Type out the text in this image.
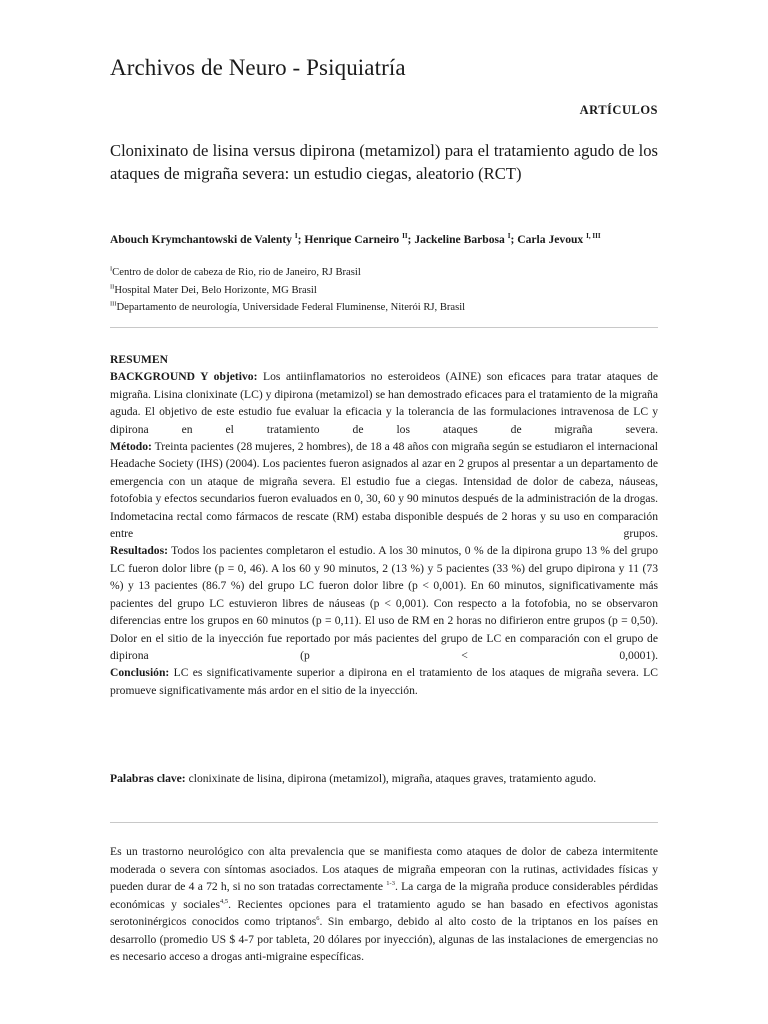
Archivos de Neuro - Psiquiatría
ARTÍCULOS
Clonixinato de lisina versus dipirona (metamizol) para el tratamiento agudo de los ataques de migraña severa: un estudio ciegas, aleatorio (RCT)
Abouch Krymchantowski de Valenty $^I$; Henrique Carneiro $^{II}$; Jackeline Barbosa $^I$; Carla Jevoux $^{I, III}$
$^I$Centro de dolor de cabeza de Rio, rio de Janeiro, RJ Brasil
$^{II}$Hospital Mater Dei, Belo Horizonte, MG Brasil
$^{III}$Departamento de neurología, Universidade Federal Fluminense, Niterói RJ, Brasil

RESUMEN

BACKGROUND Y objetivo: Los antiinflamatorios no esteroideos (AINE) son eficaces para tratar ataques de migraña. Lisina clonixinate (LC) y dipirona (metamizol) se han demostrado eficaces para el tratamiento de la migraña aguda. El objetivo de este estudio fue evaluar la eficacia y la tolerancia de las formulaciones intravenosa de LC y dipirona en el tratamiento de los ataques de migraña severa.

Método: Treinta pacientes (28 mujeres, 2 hombres), de 18 a 48 años con migraña según se estudiaron el internacional Headache Society (IHS) (2004). Los pacientes fueron asignados al azar en 2 grupos al presentar a un departamento de emergencia con un ataque de migraña severa. El estudio fue a ciegas. Intensidad de dolor de cabeza, náuseas, fotofobia y efectos secundarios fueron evaluados en 0, 30, 60 y 90 minutos después de la administración de la drogas. Indometacina rectal como fármacos de rescate (RM) estaba disponible después de 2 horas y su uso en comparación entre grupos.

Resultados: Todos los pacientes completaron el estudio. A los 30 minutos, 0 % de la dipirona grupo 13 % del grupo LC fueron dolor libre (p = 0, 46). A los 60 y 90 minutos, 2 (13 %) y 5 pacientes (33 %) del grupo dipirona y 11 (73 %) y 13 pacientes (86.7 %) del grupo LC fueron dolor libre (p < 0,001). En 60 minutos, significativamente más pacientes del grupo LC estuvieron libres de náuseas (p < 0,001). Con respecto a la fotofobia, no se observaron diferencias entre los grupos en 60 minutos (p = 0,11). El uso de RM en 2 horas no difirieron entre grupos (p = 0,50). Dolor en el sitio de la inyección fue reportado por más pacientes del grupo de LC en comparación con el grupo de dipirona (p < 0,0001).

Conclusión: LC es significativamente superior a dipirona en el tratamiento de los ataques de migraña severa. LC promueve significativamente más ardor en el sitio de la inyección.

Palabras clave: clonixinate de lisina, dipirona (metamizol), migraña, ataques graves, tratamiento agudo.
Es un trastorno neurológico con alta prevalencia que se manifiesta como ataques de dolor de cabeza intermitente moderada o severa con síntomas asociados. Los ataques de migraña empeoran con la rutinas, actividades físicas y pueden durar de 4 a 72 h, si no son tratadas correctamente $^{1-3}$. La carga de la migraña produce considerables pérdidas económicas y sociales$^{4,5}$. Recientes opciones para el tratamiento agudo se han basado en efectivos agonistas serotoninérgicos conocidos como triptanos$^6$. Sin embargo, debido al alto costo de la triptanos en los países en desarrollo (promedio US $ 4-7 por tableta, 20 dólares por inyección), algunas de las instalaciones de emergencias no es necesario acceso a drogas anti-migraine específicas.
